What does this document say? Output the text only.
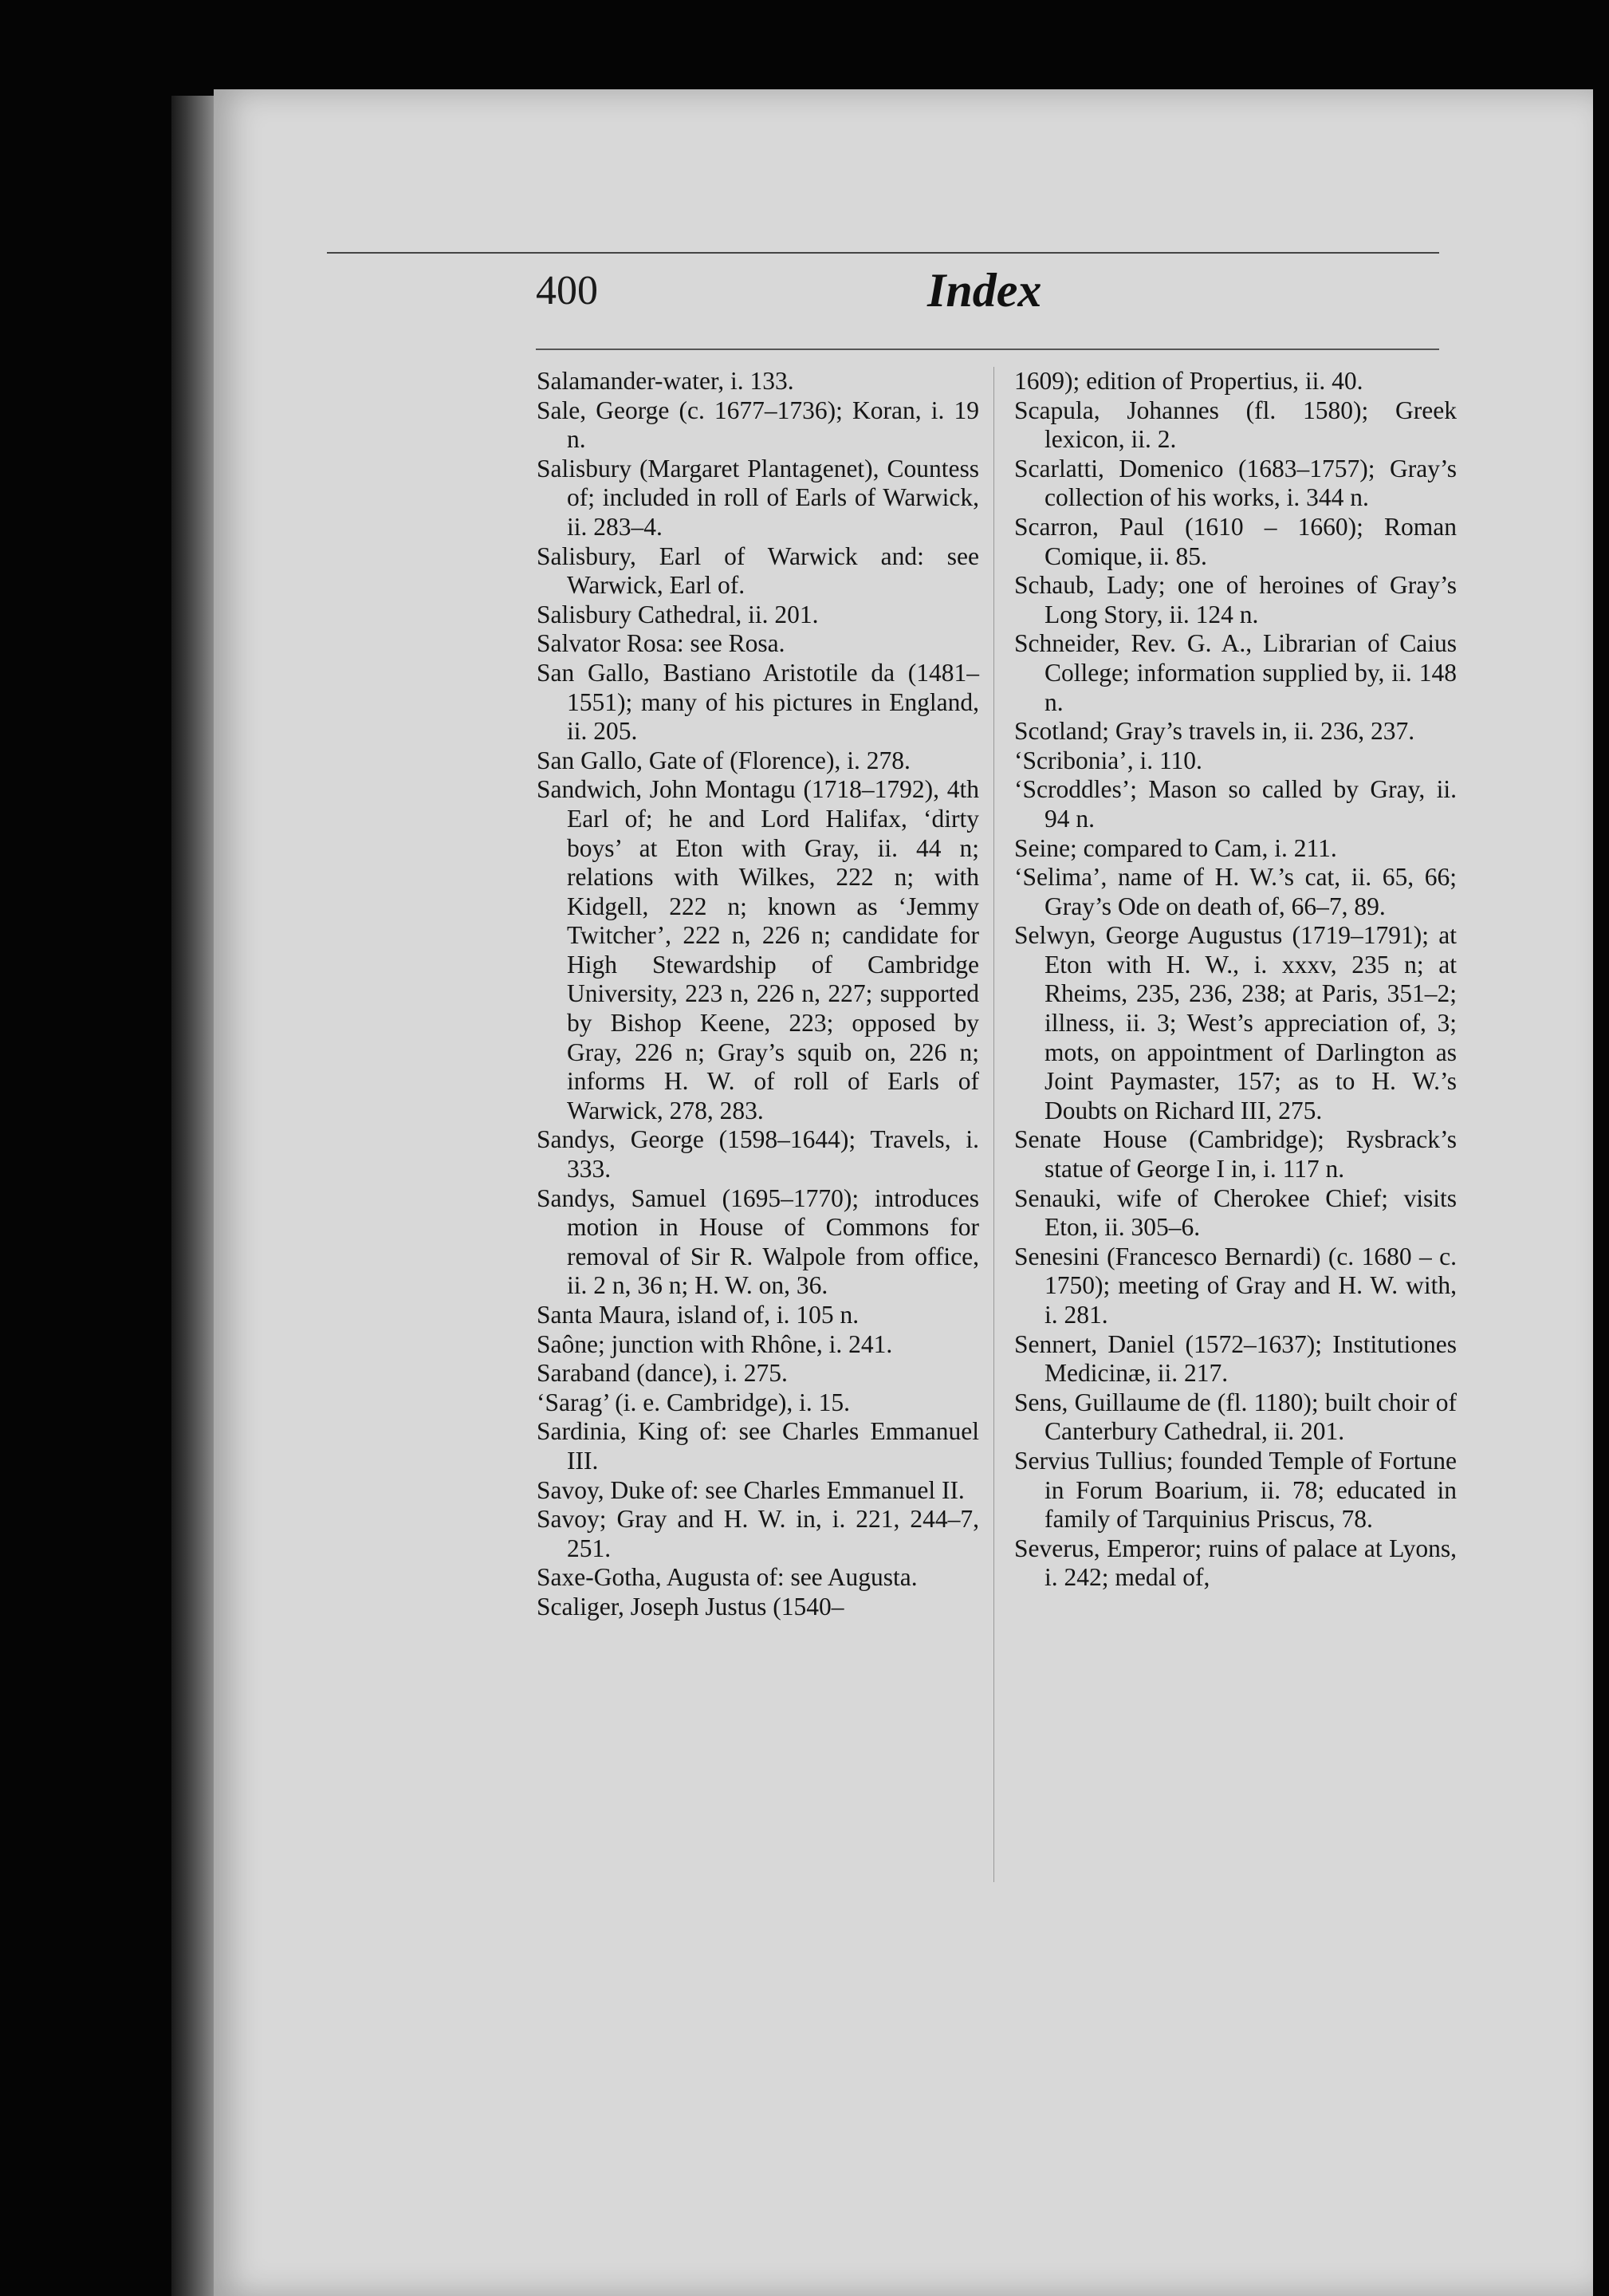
400	Index
Salamander-water, i. 133.
Sale, George (c. 1677–1736); Koran, i. 19 n.
Salisbury (Margaret Plantagenet), Countess of; included in roll of Earls of Warwick, ii. 283–4.
Salisbury, Earl of Warwick and: see Warwick, Earl of.
Salisbury Cathedral, ii. 201.
Salvator Rosa: see Rosa.
San Gallo, Bastiano Aristotile da (1481–1551); many of his pictures in England, ii. 205.
San Gallo, Gate of (Florence), i. 278.
Sandwich, John Montagu (1718–1792), 4th Earl of; he and Lord Halifax, ‘dirty boys’ at Eton with Gray, ii. 44 n; relations with Wilkes, 222 n; with Kidgell, 222 n; known as ‘Jemmy Twitcher’, 222 n, 226 n; candidate for High Stewardship of Cambridge University, 223 n, 226 n, 227; supported by Bishop Keene, 223; opposed by Gray, 226 n; Gray’s squib on, 226 n; informs H. W. of roll of Earls of Warwick, 278, 283.
Sandys, George (1598–1644); Travels, i. 333.
Sandys, Samuel (1695–1770); introduces motion in House of Commons for removal of Sir R. Walpole from office, ii. 2 n, 36 n; H. W. on, 36.
Santa Maura, island of, i. 105 n.
Saône; junction with Rhône, i. 241.
Saraband (dance), i. 275.
‘Sarag’ (i. e. Cambridge), i. 15.
Sardinia, King of: see Charles Emmanuel III.
Savoy, Duke of: see Charles Emmanuel II.
Savoy; Gray and H. W. in, i. 221, 244–7, 251.
Saxe-Gotha, Augusta of: see Augusta.
Scaliger, Joseph Justus (1540–
1609); edition of Propertius, ii. 40.
Scapula, Johannes (fl. 1580); Greek lexicon, ii. 2.
Scarlatti, Domenico (1683–1757); Gray’s collection of his works, i. 344 n.
Scarron, Paul (1610 – 1660); Roman Comique, ii. 85.
Schaub, Lady; one of heroines of Gray’s Long Story, ii. 124 n.
Schneider, Rev. G. A., Librarian of Caius College; information supplied by, ii. 148 n.
Scotland; Gray’s travels in, ii. 236, 237.
‘Scribonia’, i. 110.
‘Scroddles’; Mason so called by Gray, ii. 94 n.
Seine; compared to Cam, i. 211.
‘Selima’, name of H. W.’s cat, ii. 65, 66; Gray’s Ode on death of, 66–7, 89.
Selwyn, George Augustus (1719–1791); at Eton with H. W., i. xxxv, 235 n; at Rheims, 235, 236, 238; at Paris, 351–2; illness, ii. 3; West’s appreciation of, 3; mots, on appointment of Darlington as Joint Paymaster, 157; as to H. W.’s Doubts on Richard III, 275.
Senate House (Cambridge); Rysbrack’s statue of George I in, i. 117 n.
Senauki, wife of Cherokee Chief; visits Eton, ii. 305–6.
Senesini (Francesco Bernardi) (c. 1680 – c. 1750); meeting of Gray and H. W. with, i. 281.
Sennert, Daniel (1572–1637); Institutiones Medicinæ, ii. 217.
Sens, Guillaume de (fl. 1180); built choir of Canterbury Cathedral, ii. 201.
Servius Tullius; founded Temple of Fortune in Forum Boarium, ii. 78; educated in family of Tarquinius Priscus, 78.
Severus, Emperor; ruins of palace at Lyons, i. 242; medal of,
